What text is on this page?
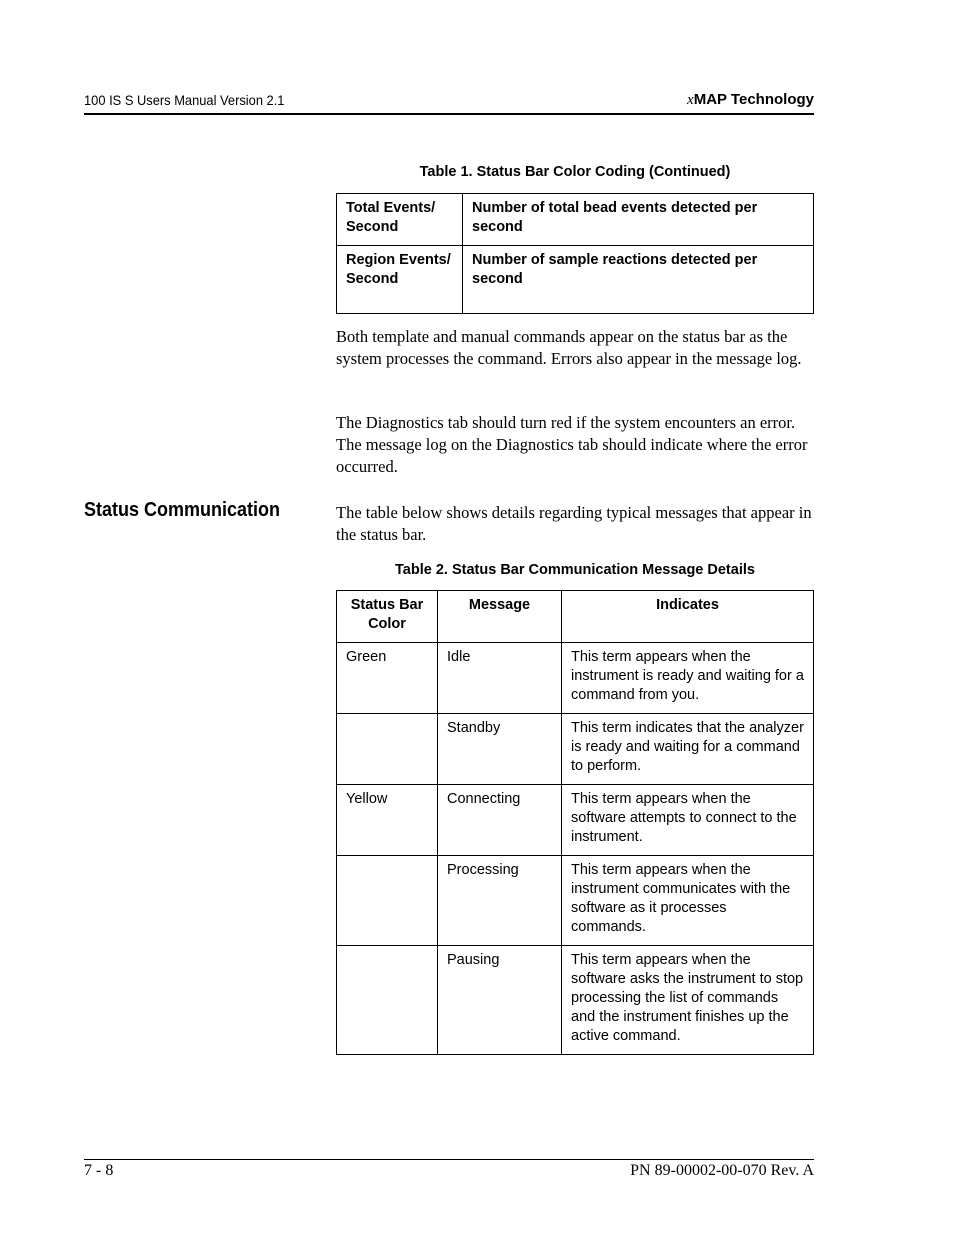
100 IS S Users Manual Version 2.1	xMAP Technology
Table 1. Status Bar Color Coding (Continued)
Total Events/ Second	Number of total bead events detected per second
Region Events/ Second	Number of sample reactions detected per second
Both template and manual commands appear on the status bar as the system processes the command. Errors also appear in the message log.
The Diagnostics tab should turn red if the system encounters an error. The message log on the Diagnostics tab should indicate where the error occurred.
Status Communication	The table below shows details regarding typical messages that appear in the status bar.
Table 2. Status Bar Communication Message Details
Status Bar Color	Message	Indicates
Green	Idle	This term appears when the instrument is ready and waiting for a command from you.
	Standby	This term indicates that the analyzer is ready and waiting for a command to perform.
Yellow	Connecting	This term appears when the software attempts to connect to the instrument.
	Processing	This term appears when the instrument communicates with the software as it processes commands.
	Pausing	This term appears when the software asks the instrument to stop processing the list of commands and the instrument finishes up the active command.
7 - 8	PN 89-00002-00-070 Rev. A
